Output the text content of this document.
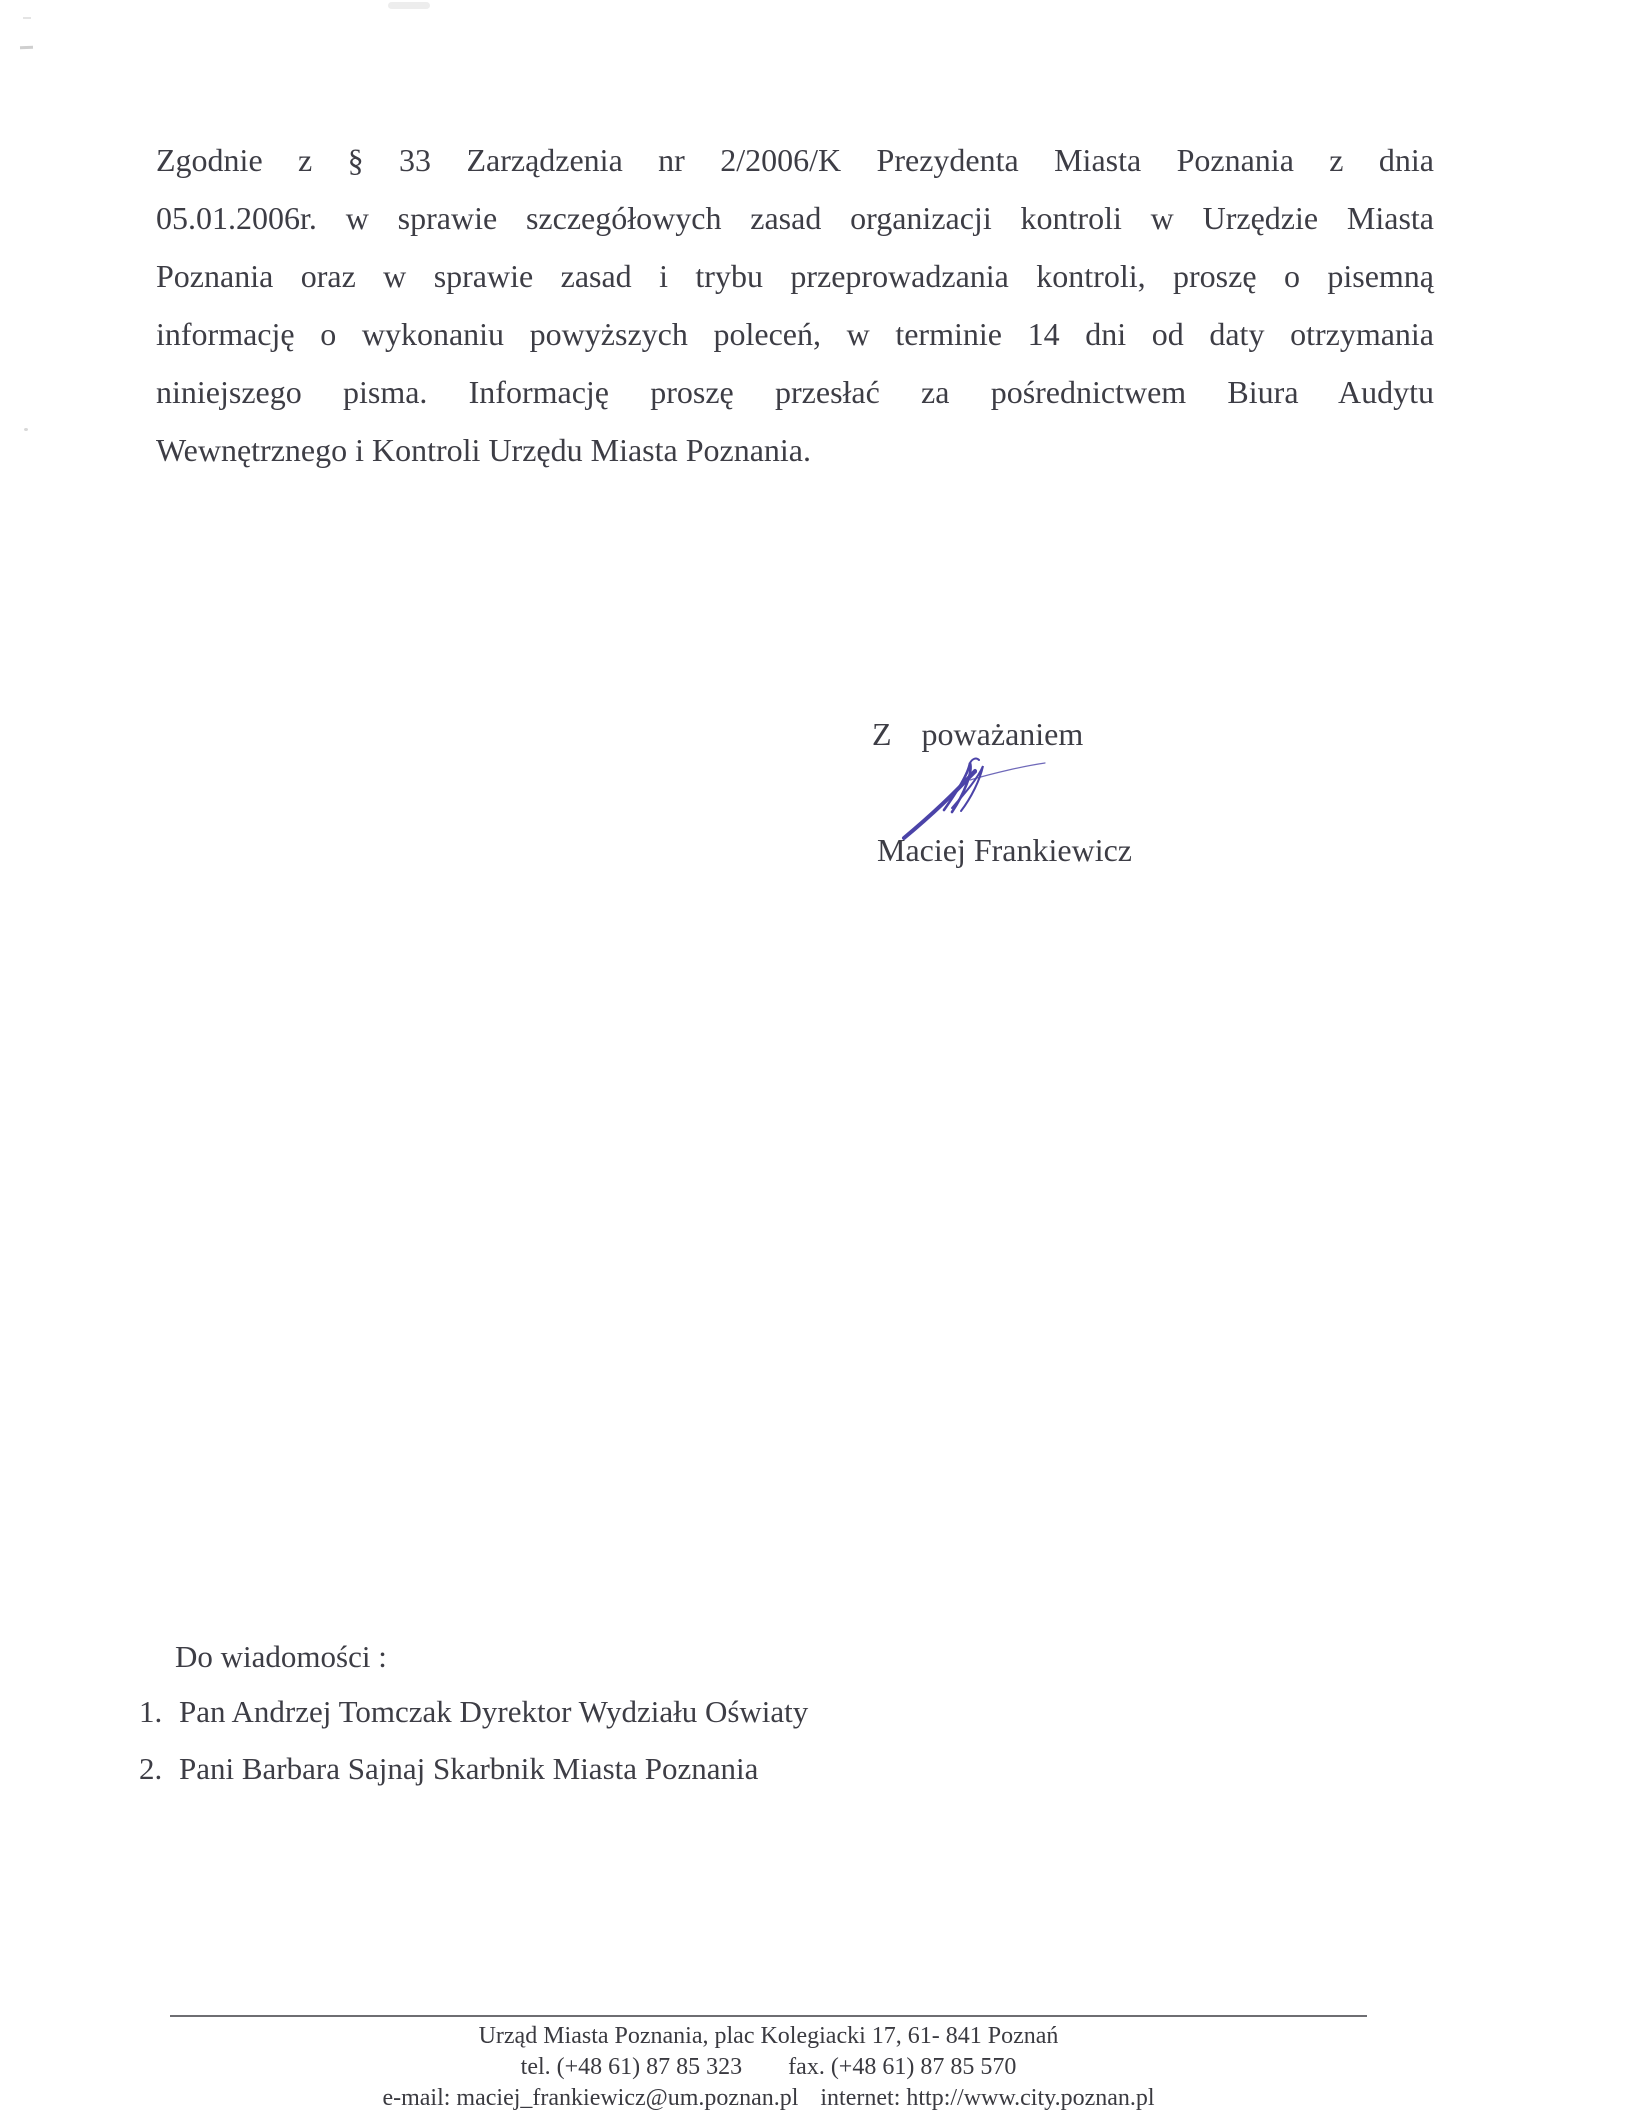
Zgodnie z § 33 Zarządzenia nr 2/2006/K Prezydenta Miasta Poznania z dnia
05.01.2006r. w sprawie szczegółowych zasad organizacji kontroli w Urzędzie Miasta
Poznania oraz w sprawie zasad i trybu przeprowadzania kontroli, proszę o pisemną
informację o wykonaniu powyższych poleceń, w terminie 14 dni od daty otrzymania
niniejszego pisma. Informację proszę przesłać za pośrednictwem Biura Audytu
Wewnętrznego i Kontroli Urzędu Miasta Poznania.
Z poważaniem
Maciej Frankiewicz
Do wiadomości :
1. Pan Andrzej Tomczak Dyrektor Wydziału Oświaty
2. Pani Barbara Sajnaj Skarbnik Miasta Poznania
Urząd Miasta Poznania, plac Kolegiacki 17, 61- 841 Poznań
tel. (+48 61) 87 85 323 fax. (+48 61) 87 85 570
e-mail: maciej_frankiewicz@um.poznan.pl internet: http://www.city.poznan.pl
